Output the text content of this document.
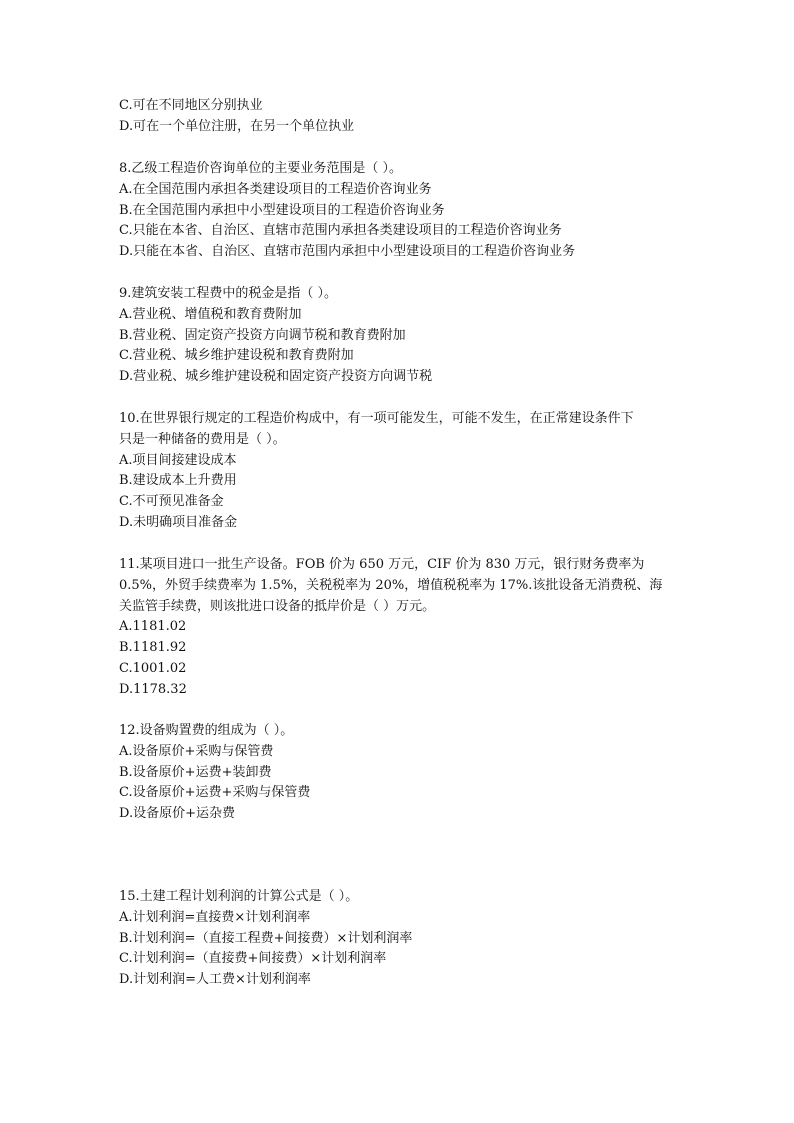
C.可在不同地区分别执业
D.可在一个单位注册，在另一个单位执业
8.乙级工程造价咨询单位的主要业务范围是（ ）。
A.在全国范围内承担各类建设项目的工程造价咨询业务
B.在全国范围内承担中小型建设项目的工程造价咨询业务
C.只能在本省、自治区、直辖市范围内承担各类建设项目的工程造价咨询业务
D.只能在本省、自治区、直辖市范围内承担中小型建设项目的工程造价咨询业务
9.建筑安装工程费中的税金是指（ ）。
A.营业税、增值税和教育费附加
B.营业税、固定资产投资方向调节税和教育费附加
C.营业税、城乡维护建设税和教育费附加
D.营业税、城乡维护建设税和固定资产投资方向调节税
10.在世界银行规定的工程造价构成中，有一项可能发生，可能不发生，在正常建设条件下
只是一种储备的费用是（ ）。
A.项目间接建设成本
B.建设成本上升费用
C.不可预见准备金
D.未明确项目准备金
11.某项目进口一批生产设备。FOB 价为 650 万元，CIF 价为 830 万元，银行财务费率为
0.5%，外贸手续费率为 1.5%，关税税率为 20%，增值税税率为 17%.该批设备无消费税、海
关监管手续费，则该批进口设备的抵岸价是（ ）万元。
A.1181.02
B.1181.92
C.1001.02
D.1178.32
12.设备购置费的组成为（ ）。
A.设备原价+采购与保管费
B.设备原价+运费+装卸费
C.设备原价+运费+采购与保管费
D.设备原价+运杂费
15.土建工程计划利润的计算公式是（ ）。
A.计划利润=直接费×计划利润率
B.计划利润=（直接工程费+间接费）×计划利润率
C.计划利润=（直接费+间接费）×计划利润率
D.计划利润=人工费×计划利润率
